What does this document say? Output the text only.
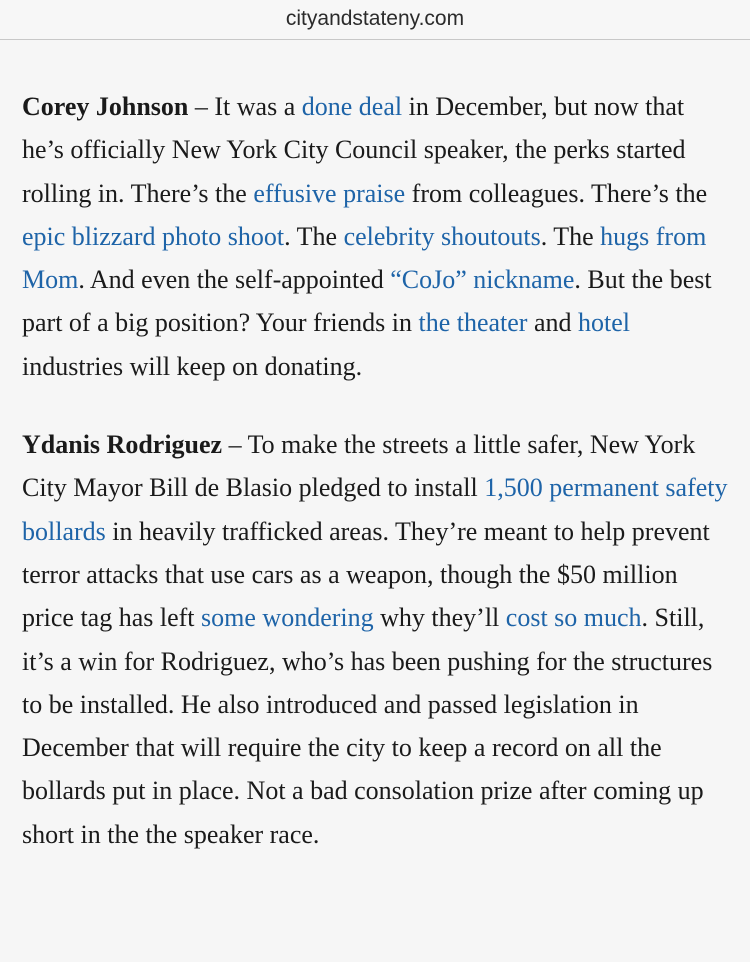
cityandstateny.com

Corey Johnson – It was a done deal in December, but now that he’s officially New York City Council speaker, the perks started rolling in. There’s the effusive praise from colleagues. There’s the epic blizzard photo shoot. The celebrity shoutouts. The hugs from Mom. And even the self-appointed “CoJo” nickname. But the best part of a big position? Your friends in the theater and hotel industries will keep on donating.

Ydanis Rodriguez – To make the streets a little safer, New York City Mayor Bill de Blasio pledged to install 1,500 permanent safety bollards in heavily trafficked areas. They’re meant to help prevent terror attacks that use cars as a weapon, though the $50 million price tag has left some wondering why they’ll cost so much. Still, it’s a win for Rodriguez, who’s has been pushing for the structures to be installed. He also introduced and passed legislation in December that will require the city to keep a record on all the bollards put in place. Not a bad consolation prize after coming up short in the the speaker race.
